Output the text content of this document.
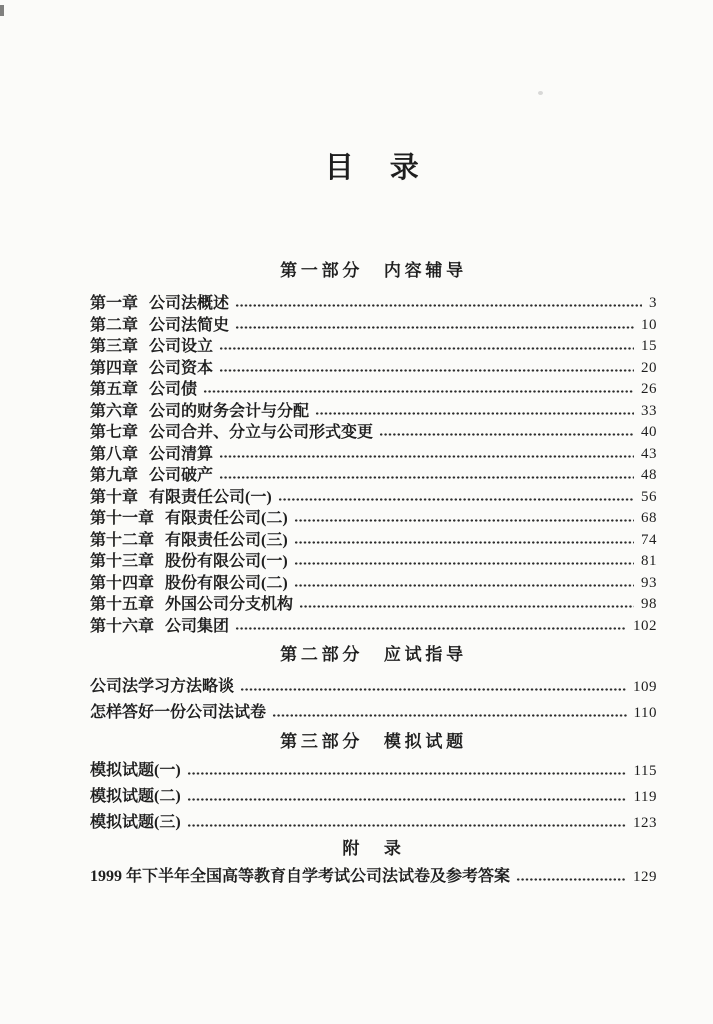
目　录
第一部分　内容辅导
第一章 公司法概述	3
第二章 公司法简史	10
第三章 公司设立	15
第四章 公司资本	20
第五章 公司债	26
第六章 公司的财务会计与分配	33
第七章 公司合并、分立与公司形式变更	40
第八章 公司清算	43
第九章 公司破产	48
第十章 有限责任公司(一)	56
第十一章 有限责任公司(二)	68
第十二章 有限责任公司(三)	74
第十三章 股份有限公司(一)	81
第十四章 股份有限公司(二)	93
第十五章 外国公司分支机构	98
第十六章 公司集团	102
第二部分　应试指导
公司法学习方法略谈	109
怎样答好一份公司法试卷	110
第三部分　模拟试题
模拟试题(一)	115
模拟试题(二)	119
模拟试题(三)	123
附　录
1999 年下半年全国高等教育自学考试公司法试卷及参考答案	129
